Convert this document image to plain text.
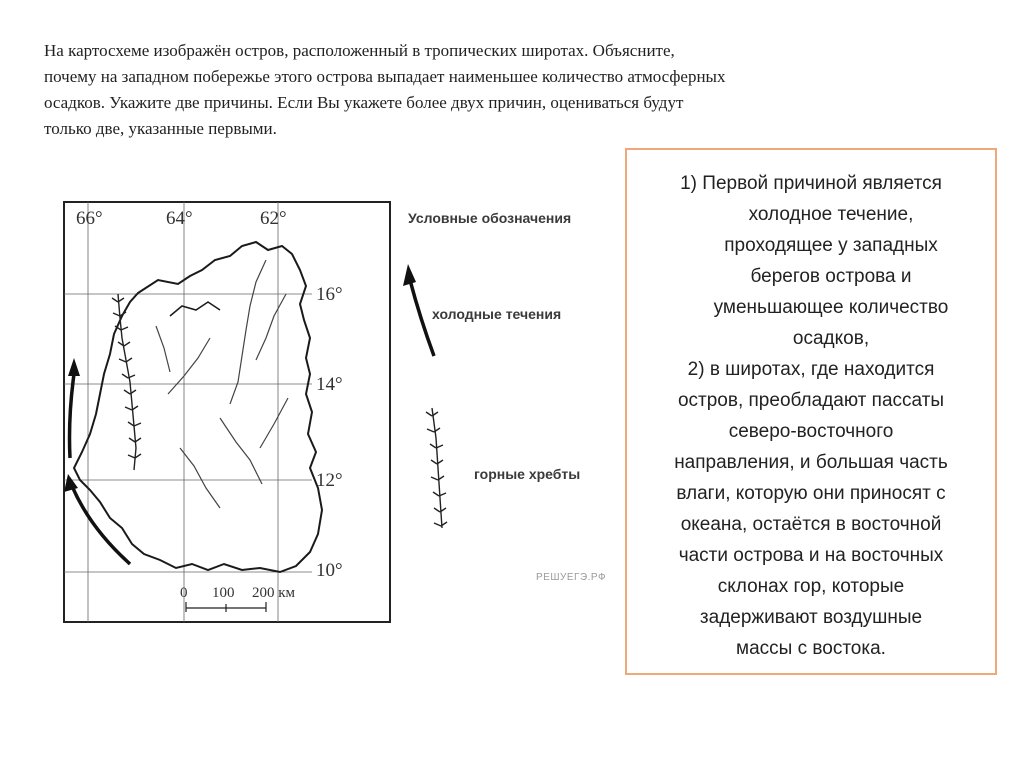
На картосхеме изображён остров, расположенный в тропических широтах. Объясните,
почему на западном побережье этого острова выпадает наименьшее количество атмосферных
осадков. Укажите две причины. Если Вы укажете более двух причин, оцениваться будут
только две, указанные первыми.

66°	64°	62°
16°
14°
12°
10°
0 100 200 км
Условные обозначения
холодные течения
горные хребты
РЕШУЕГЭ.РФ
1) Первой причиной является
холодное течение,
проходящее у западных
берегов острова и
уменьшающее количество
осадков,
2) в широтах, где находится
остров, преобладают пассаты
северо-восточного
направления, и большая часть
влаги, которую они приносят с
океана, остаётся в восточной
части острова и на восточных
склонах гор, которые
задерживают воздушные
массы с востока.
